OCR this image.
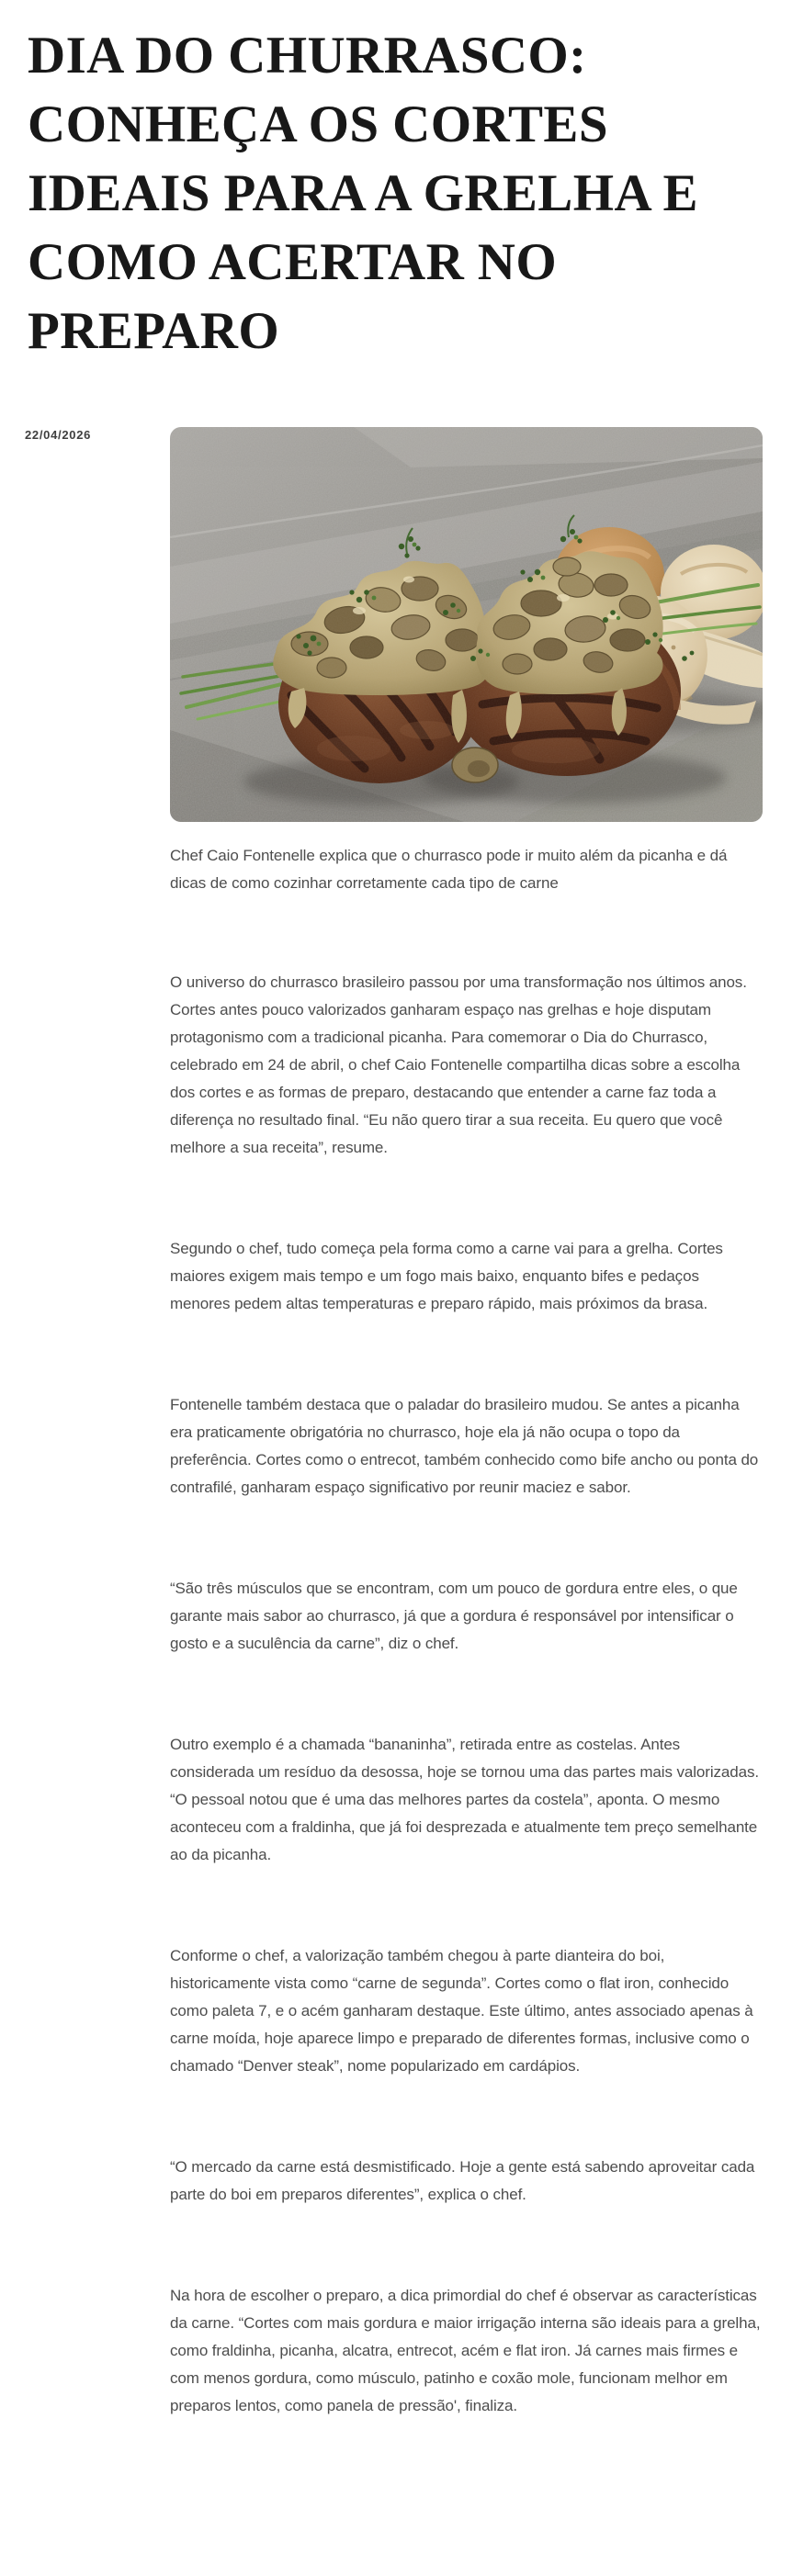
DIA DO CHURRASCO:
CONHEÇA OS CORTES
IDEAIS PARA A GRELHA E
COMO ACERTAR NO
PREPARO
22/04/2026

Chef Caio Fontenelle explica que o churrasco pode ir muito além da picanha e dá dicas de como cozinhar corretamente cada tipo de carne

O universo do churrasco brasileiro passou por uma transformação nos últimos anos. Cortes antes pouco valorizados ganharam espaço nas grelhas e hoje disputam protagonismo com a tradicional picanha. Para comemorar o Dia do Churrasco, celebrado em 24 de abril, o chef Caio Fontenelle compartilha dicas sobre a escolha dos cortes e as formas de preparo, destacando que entender a carne faz toda a diferença no resultado final. “Eu não quero tirar a sua receita. Eu quero que você melhore a sua receita”, resume.

Segundo o chef, tudo começa pela forma como a carne vai para a grelha. Cortes maiores exigem mais tempo e um fogo mais baixo, enquanto bifes e pedaços menores pedem altas temperaturas e preparo rápido, mais próximos da brasa.

Fontenelle também destaca que o paladar do brasileiro mudou. Se antes a picanha era praticamente obrigatória no churrasco, hoje ela já não ocupa o topo da preferência. Cortes como o entrecot, também conhecido como bife ancho ou ponta do contrafilé, ganharam espaço significativo por reunir maciez e sabor.

“São três músculos que se encontram, com um pouco de gordura entre eles, o que garante mais sabor ao churrasco, já que a gordura é responsável por intensificar o gosto e a suculência da carne”, diz o chef.

Outro exemplo é a chamada “bananinha”, retirada entre as costelas. Antes considerada um resíduo da desossa, hoje se tornou uma das partes mais valorizadas. “O pessoal notou que é uma das melhores partes da costela”, aponta. O mesmo aconteceu com a fraldinha, que já foi desprezada e atualmente tem preço semelhante ao da picanha.

Conforme o chef, a valorização também chegou à parte dianteira do boi, historicamente vista como “carne de segunda”. Cortes como o flat iron, conhecido como paleta 7, e o acém ganharam destaque. Este último, antes associado apenas à carne moída, hoje aparece limpo e preparado de diferentes formas, inclusive como o chamado “Denver steak”, nome popularizado em cardápios.

“O mercado da carne está desmistificado. Hoje a gente está sabendo aproveitar cada parte do boi em preparos diferentes”, explica o chef.

Na hora de escolher o preparo, a dica primordial do chef é observar as características da carne. “Cortes com mais gordura e maior irrigação interna são ideais para a grelha, como fraldinha, picanha, alcatra, entrecot, acém e flat iron. Já carnes mais firmes e com menos gordura, como músculo, patinho e coxão mole, funcionam melhor em preparos lentos, como panela de pressão', finaliza.
